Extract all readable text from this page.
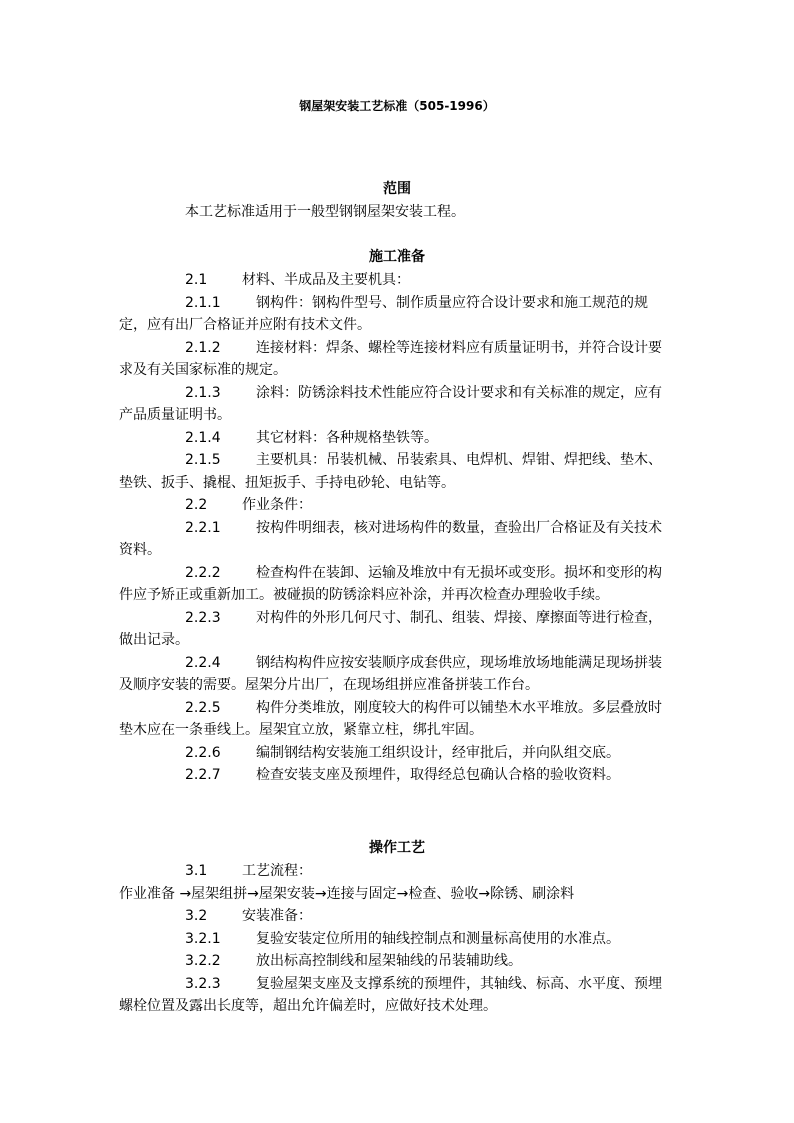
钢屋架安装工艺标准（505-1996）
范围

本工艺标准适用于一般型钢钢屋架安装工程。

施工准备

2.1 材料、半成品及主要机具：

2.1.1	钢构件：钢构件型号、制作质量应符合设计要求和施工规范的规定，应有出厂合格证并应附有技术文件。

2.1.2	连接材料：焊条、螺栓等连接材料应有质量证明书，并符合设计要求及有关国家标准的规定。

2.1.3	涂料：防锈涂料技术性能应符合设计要求和有关标准的规定，应有产品质量证明书。

2.1.4	其它材料：各种规格垫铁等。

2.1.5	主要机具：吊装机械、吊装索具、电焊机、焊钳、焊把线、垫木、垫铁、扳手、撬棍、扭矩扳手、手持电砂轮、电钻等。

2.2 作业条件：

2.2.1	按构件明细表，核对进场构件的数量，查验出厂合格证及有关技术资料。

2.2.2	检查构件在装卸、运输及堆放中有无损坏或变形。损坏和变形的构件应予矫正或重新加工。被碰损的防锈涂料应补涂，并再次检查办理验收手续。

2.2.3	对构件的外形几何尺寸、制孔、组装、焊接、摩擦面等进行检查，做出记录。

2.2.4	钢结构构件应按安装顺序成套供应，现场堆放场地能满足现场拼装及顺序安装的需要。屋架分片出厂，在现场组拼应准备拼装工作台。

2.2.5	构件分类堆放，刚度较大的构件可以铺垫木水平堆放。多层叠放时垫木应在一条垂线上。屋架宜立放，紧靠立柱，绑扎牢固。

2.2.6	编制钢结构安装施工组织设计，经审批后，并向队组交底。

2.2.7	检查安装支座及预埋件，取得经总包确认合格的验收资料。

操作工艺

3.1 工艺流程：

作业准备 →屋架组拼→屋架安装→连接与固定→检查、验收→除锈、刷涂料

3.2 安装准备：

3.2.1	复验安装定位所用的轴线控制点和测量标高使用的水准点。

3.2.2	放出标高控制线和屋架轴线的吊装辅助线。

3.2.3	复验屋架支座及支撑系统的预埋件，其轴线、标高、水平度、预埋螺栓位置及露出长度等，超出允许偏差时，应做好技术处理。
